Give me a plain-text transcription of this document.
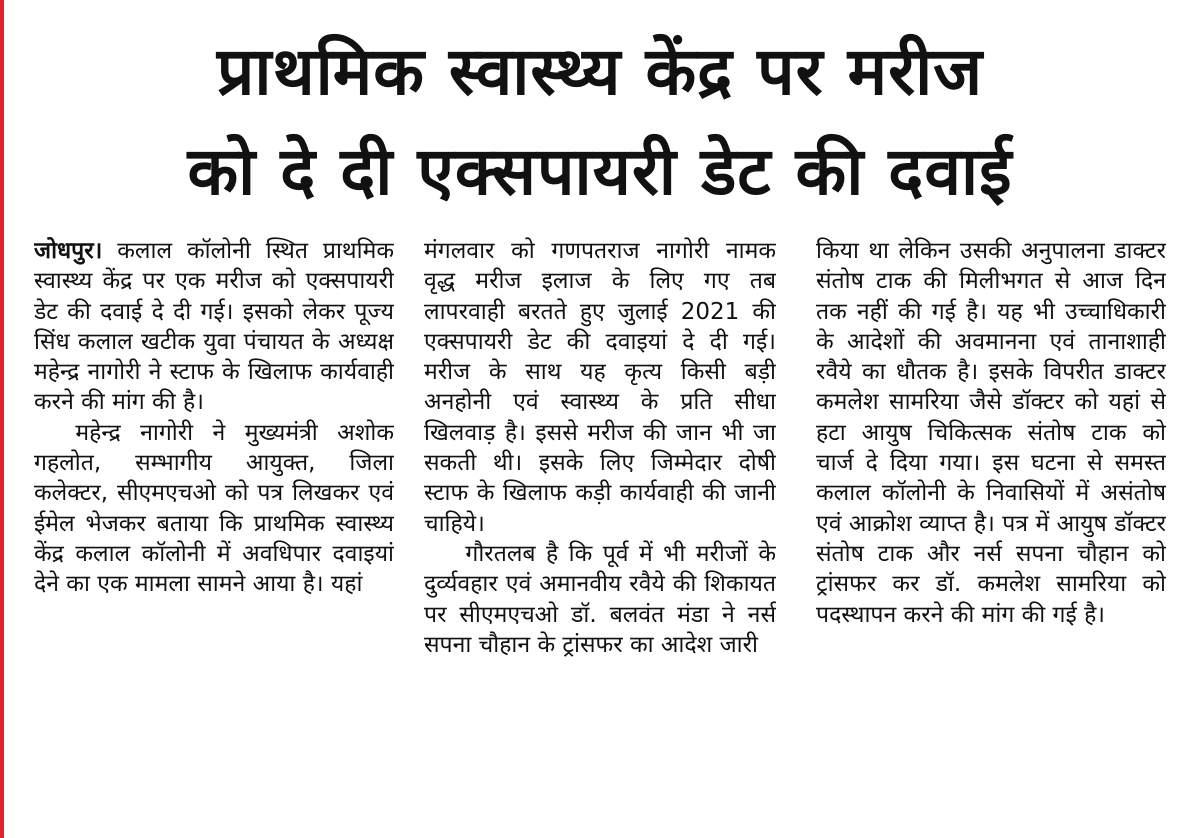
प्राथमिक स्वास्थ्य केंद्र पर मरीज
को दे दी एक्सपायरी डेट की दवाई

जोधपुर। कलाल कॉलोनी स्थित प्राथमिक स्वास्थ्य केंद्र पर एक मरीज को एक्सपायरी डेट की दवाई दे दी गई। इसको लेकर पूज्य सिंध कलाल खटीक युवा पंचायत के अध्यक्ष महेन्द्र नागोरी ने स्टाफ के खिलाफ कार्यवाही करने की मांग की है।

महेन्द्र नागोरी ने मुख्यमंत्री अशोक गहलोत, सम्भागीय आयुक्त, जिला कलेक्टर, सीएमएचओ को पत्र लिखकर एवं ईमेल भेजकर बताया कि प्राथमिक स्वास्थ्य केंद्र कलाल कॉलोनी में अवधिपार दवाइयां देने का एक मामला सामने आया है। यहां

मंगलवार को गणपतराज नागोरी नामक वृद्ध मरीज इलाज के लिए गए तब लापरवाही बरतते हुए जुलाई 2021 की एक्सपायरी डेट की दवाइयां दे दी गई। मरीज के साथ यह कृत्य किसी बड़ी अनहोनी एवं स्वास्थ्य के प्रति सीधा खिलवाड़ है। इससे मरीज की जान भी जा सकती थी। इसके लिए जिम्मेदार दोषी स्टाफ के खिलाफ कड़ी कार्यवाही की जानी चाहिये।

गौरतलब है कि पूर्व में भी मरीजों के दुर्व्यवहार एवं अमानवीय रवैये की शिकायत पर सीएमएचओ डॉ. बलवंत मंडा ने नर्स सपना चौहान के ट्रांसफर का आदेश जारी

किया था लेकिन उसकी अनुपालना डाक्टर संतोष टाक की मिलीभगत से आज दिन तक नहीं की गई है। यह भी उच्चाधिकारी के आदेशों की अवमानना एवं तानाशाही रवैये का धौतक है। इसके विपरीत डाक्टर कमलेश सामरिया जैसे डॉक्टर को यहां से हटा आयुष चिकित्सक संतोष टाक को चार्ज दे दिया गया। इस घटना से समस्त कलाल कॉलोनी के निवासियों में असंतोष एवं आक्रोश व्याप्त है। पत्र में आयुष डॉक्टर संतोष टाक और नर्स सपना चौहान को ट्रांसफर कर डॉ. कमलेश सामरिया को पदस्थापन करने की मांग की गई है।
